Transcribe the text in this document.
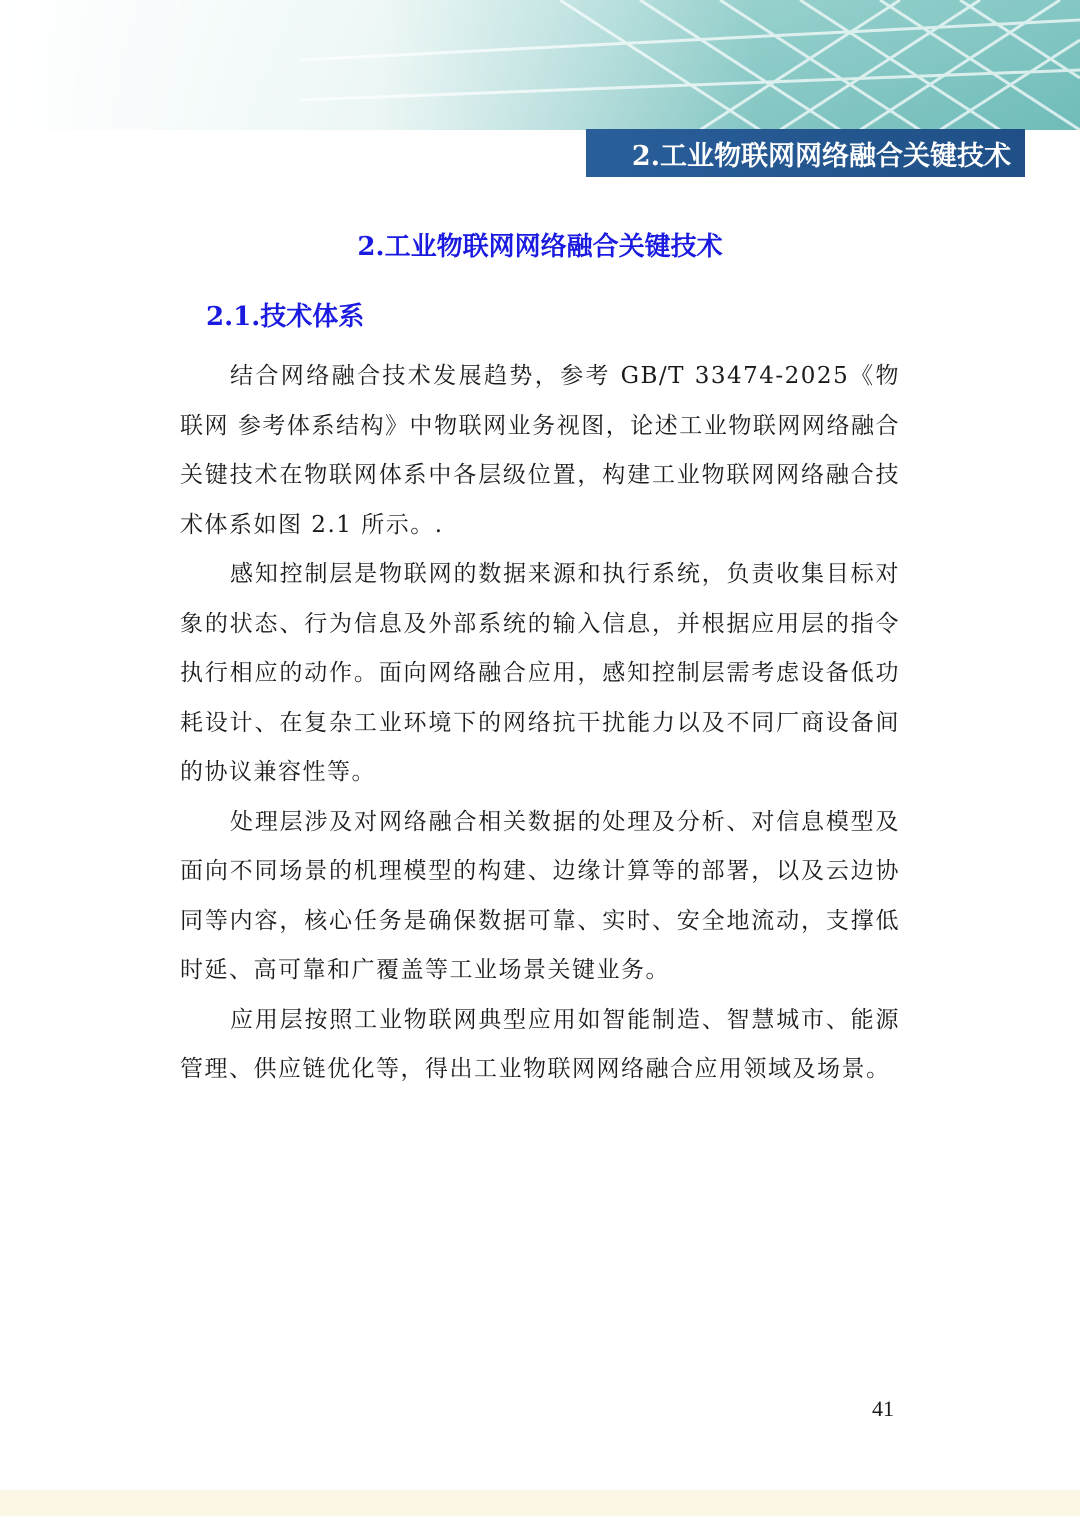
2.工业物联网网络融合关键技术
2.工业物联网网络融合关键技术
2.1.技术体系

结合网络融合技术发展趋势，参考 GB/T 33474-2025《物联网 参考体系结构》中物联网业务视图，论述工业物联网网络融合关键技术在物联网体系中各层级位置，构建工业物联网网络融合技术体系如图 2.1 所示。.

感知控制层是物联网的数据来源和执行系统，负责收集目标对象的状态、行为信息及外部系统的输入信息，并根据应用层的指令执行相应的动作。面向网络融合应用，感知控制层需考虑设备低功耗设计、在复杂工业环境下的网络抗干扰能力以及不同厂商设备间的协议兼容性等。

处理层涉及对网络融合相关数据的处理及分析、对信息模型及面向不同场景的机理模型的构建、边缘计算等的部署，以及云边协同等内容，核心任务是确保数据可靠、实时、安全地流动，支撑低时延、高可靠和广覆盖等工业场景关键业务。

应用层按照工业物联网典型应用如智能制造、智慧城市、能源管理、供应链优化等，得出工业物联网网络融合应用领域及场景。

41
